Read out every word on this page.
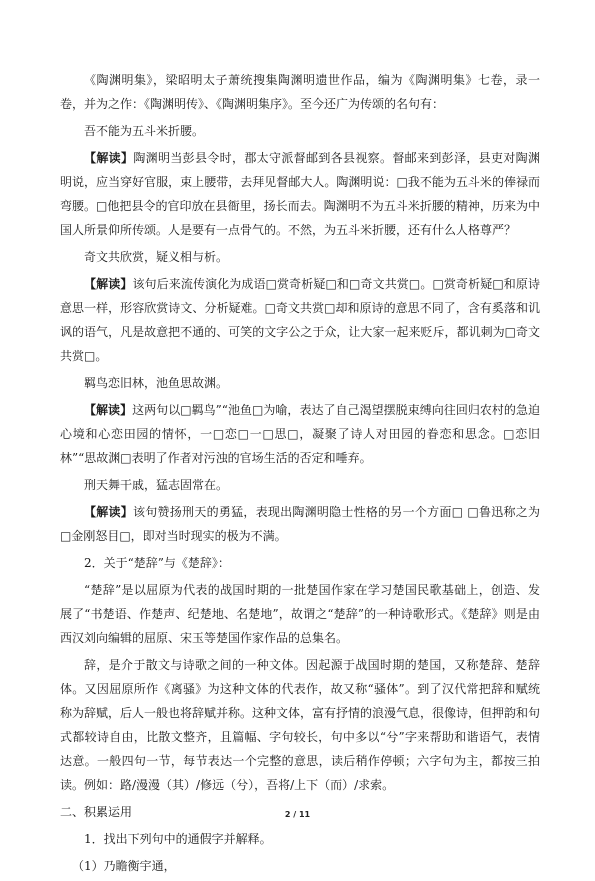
《陶渊明集》，梁昭明太子萧统搜集陶渊明遗世作品，编为《陶渊明集》七卷，录一卷，并为之作：《陶渊明传》、《陶渊明集序》。至今还广为传颂的名句有：

吾不能为五斗米折腰。

【解读】陶渊明当彭县令时，郡太守派督邮到各县视察。督邮来到彭泽，县吏对陶渊明说，应当穿好官服，束上腰带，去拜见督邮大人。陶渊明说：□我不能为五斗米的俸禄而弯腰。□他把县令的官印放在县衙里，扬长而去。陶渊明不为五斗米折腰的精神，历来为中国人所景仰所传颂。人是要有一点骨气的。不然，为五斗米折腰，还有什么人格尊严？

奇文共欣赏，疑义相与析。

【解读】该句后来流传演化为成语□赏奇析疑□和□奇文共赏□。□赏奇析疑□和原诗意思一样，形容欣赏诗文、分析疑难。□奇文共赏□却和原诗的意思不同了，含有奚落和讥讽的语气，凡是故意把不通的、可笑的文字公之于众，让大家一起来贬斥，都讥刺为□奇文共赏□。

羁鸟恋旧林，池鱼思故渊。

【解读】这两句以□羁鸟”“池鱼□为喻，表达了自己渴望摆脱束缚向往回归农村的急迫心境和心恋田园的情怀，一□恋□一□思□，凝聚了诗人对田园的眷恋和思念。□恋旧林”“思故渊□表明了作者对污浊的官场生活的否定和唾弃。

刑天舞干戚，猛志固常在。

【解读】该句赞扬刑天的勇猛，表现出陶渊明隐士性格的另一个方面□ □鲁迅称之为□金刚怒目□，即对当时现实的极为不满。

2．关于“楚辞”与《楚辞》：

“楚辞”是以屈原为代表的战国时期的一批楚国作家在学习楚国民歌基础上，创造、发展了“书楚语、作楚声、纪楚地、名楚地”，故谓之“楚辞”的一种诗歌形式。《楚辞》则是由西汉刘向编辑的屈原、宋玉等楚国作家作品的总集名。

辞，是介于散文与诗歌之间的一种文体。因起源于战国时期的楚国，又称楚辞、楚辞体。又因屈原所作《离骚》为这种文体的代表作，故又称“骚体”。到了汉代常把辞和赋统称为辞赋，后人一般也将辞赋并称。这种文体，富有抒情的浪漫气息，很像诗，但押韵和句式都较诗自由，比散文整齐，且篇幅、字句较长，句中多以“兮”字来帮助和谐语气，表情达意。一般四句一节，每节表达一个完整的意思，读后稍作停顿；六字句为主，都按三拍读。例如：路/漫漫（其）/修远（兮），吾将/上下（而）/求索。

二、积累运用

1．找出下列句中的通假字并解释。

（1）乃瞻衡宇通，

2 / 11
